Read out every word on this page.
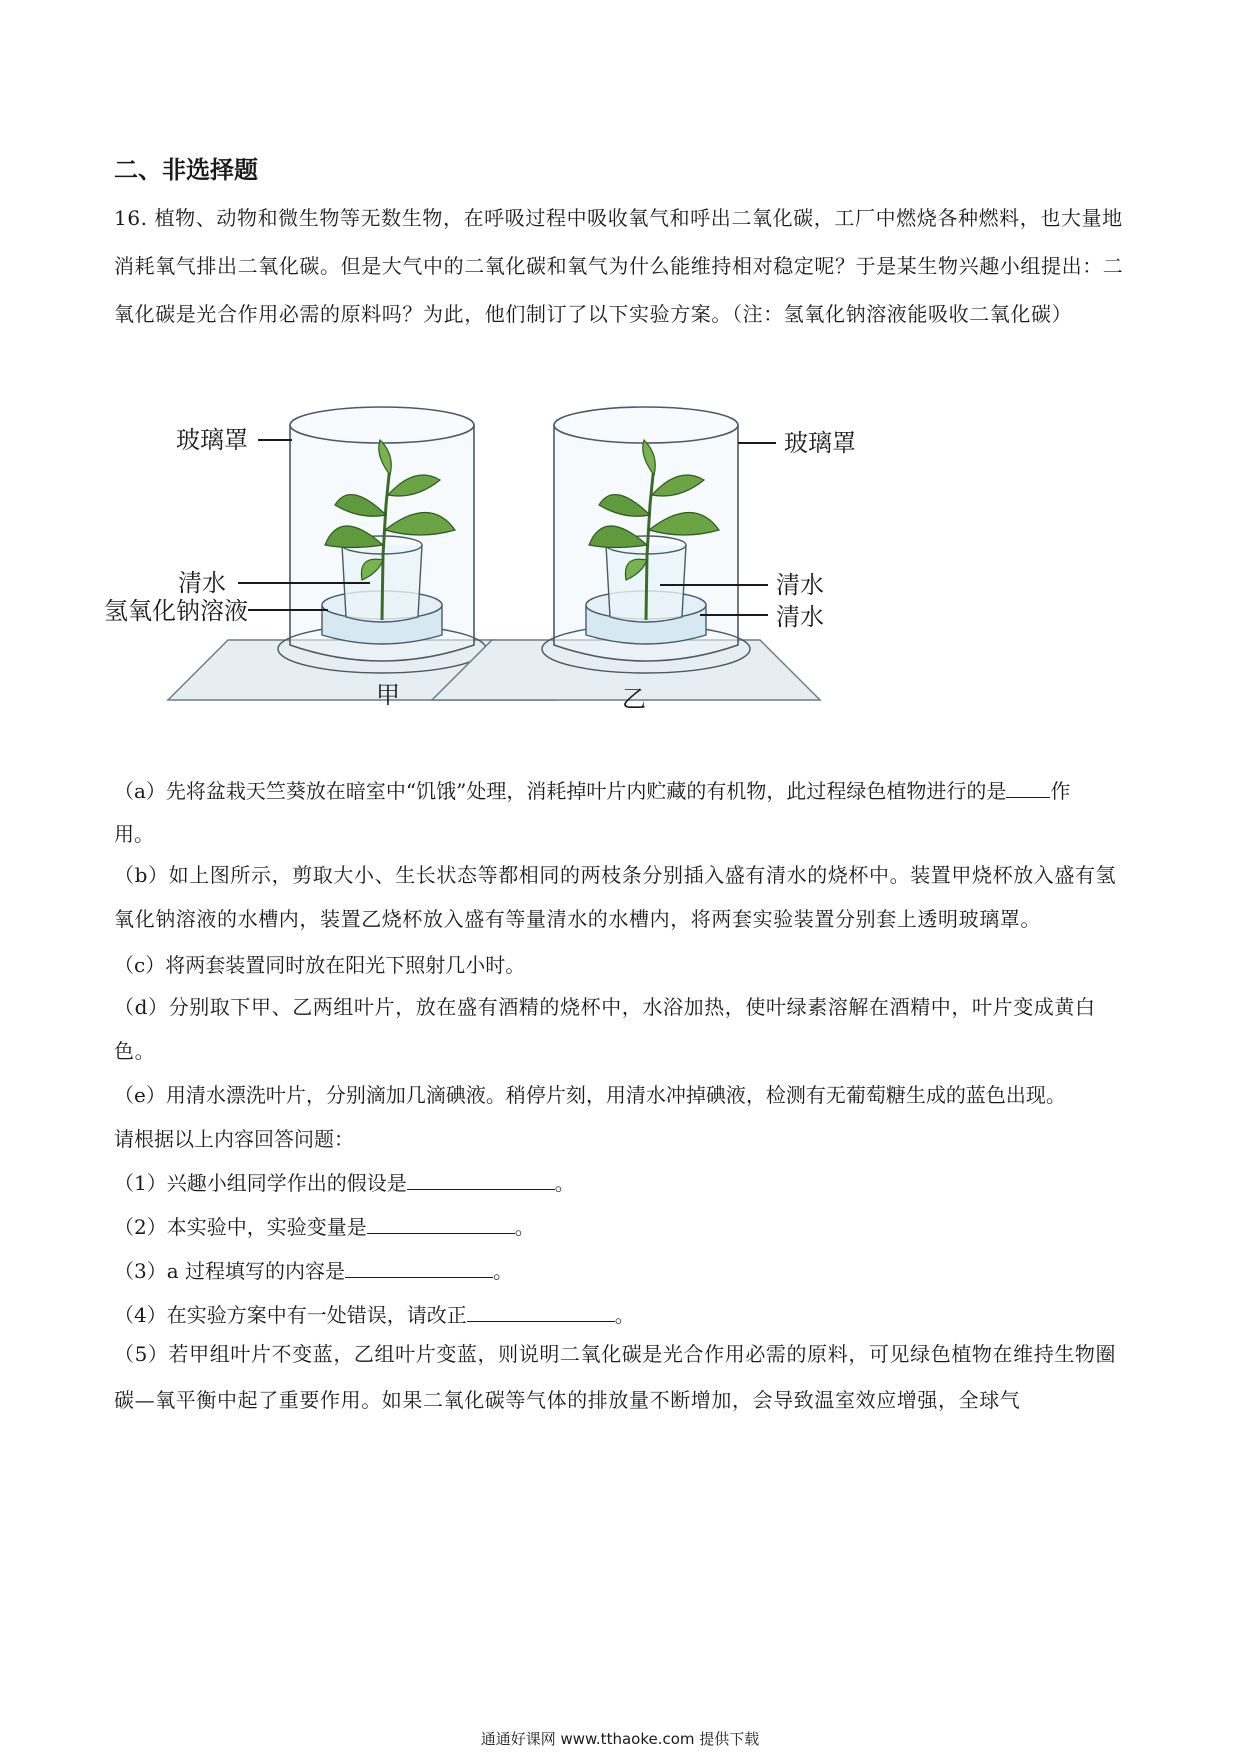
二、非选择题
16. 植物、动物和微生物等无数生物，在呼吸过程中吸收氧气和呼出二氧化碳，工厂中燃烧各种燃料，也大量地消耗氧气排出二氧化碳。但是大气中的二氧化碳和氧气为什么能维持相对稳定呢？于是某生物兴趣小组提出：二氧化碳是光合作用必需的原料吗？为此，他们制订了以下实验方案。（注：氢氧化钠溶液能吸收二氧化碳）
玻璃罩
清水
氢氧化钠溶液
甲
玻璃罩
清水
清水
乙
（a）先将盆栽天竺葵放在暗室中“饥饿”处理，消耗掉叶片内贮藏的有机物，此过程绿色植物进行的是 作
用。
（b）如上图所示，剪取大小、生长状态等都相同的两枝条分别插入盛有清水的烧杯中。装置甲烧杯放入盛有氢氧化钠溶液的水槽内，装置乙烧杯放入盛有等量清水的水槽内，将两套实验装置分别套上透明玻璃罩。
（c）将两套装置同时放在阳光下照射几小时。
（d）分别取下甲、乙两组叶片，放在盛有酒精的烧杯中，水浴加热，使叶绿素溶解在酒精中，叶片变成黄白色。
（e）用清水漂洗叶片，分别滴加几滴碘液。稍停片刻，用清水冲掉碘液，检测有无葡萄糖生成的蓝色出现。
请根据以上内容回答问题：
（1）兴趣小组同学作出的假设是	。
（2）本实验中，实验变量是	。
（3）a 过程填写的内容是	。
（4）在实验方案中有一处错误，请改正	。
（5）若甲组叶片不变蓝，乙组叶片变蓝，则说明二氧化碳是光合作用必需的原料，可见绿色植物在维持生物圈碳—氧平衡中起了重要作用。如果二氧化碳等气体的排放量不断增加，会导致温室效应增强，全球气
通通好课网 www.tthaoke.com 提供下载
